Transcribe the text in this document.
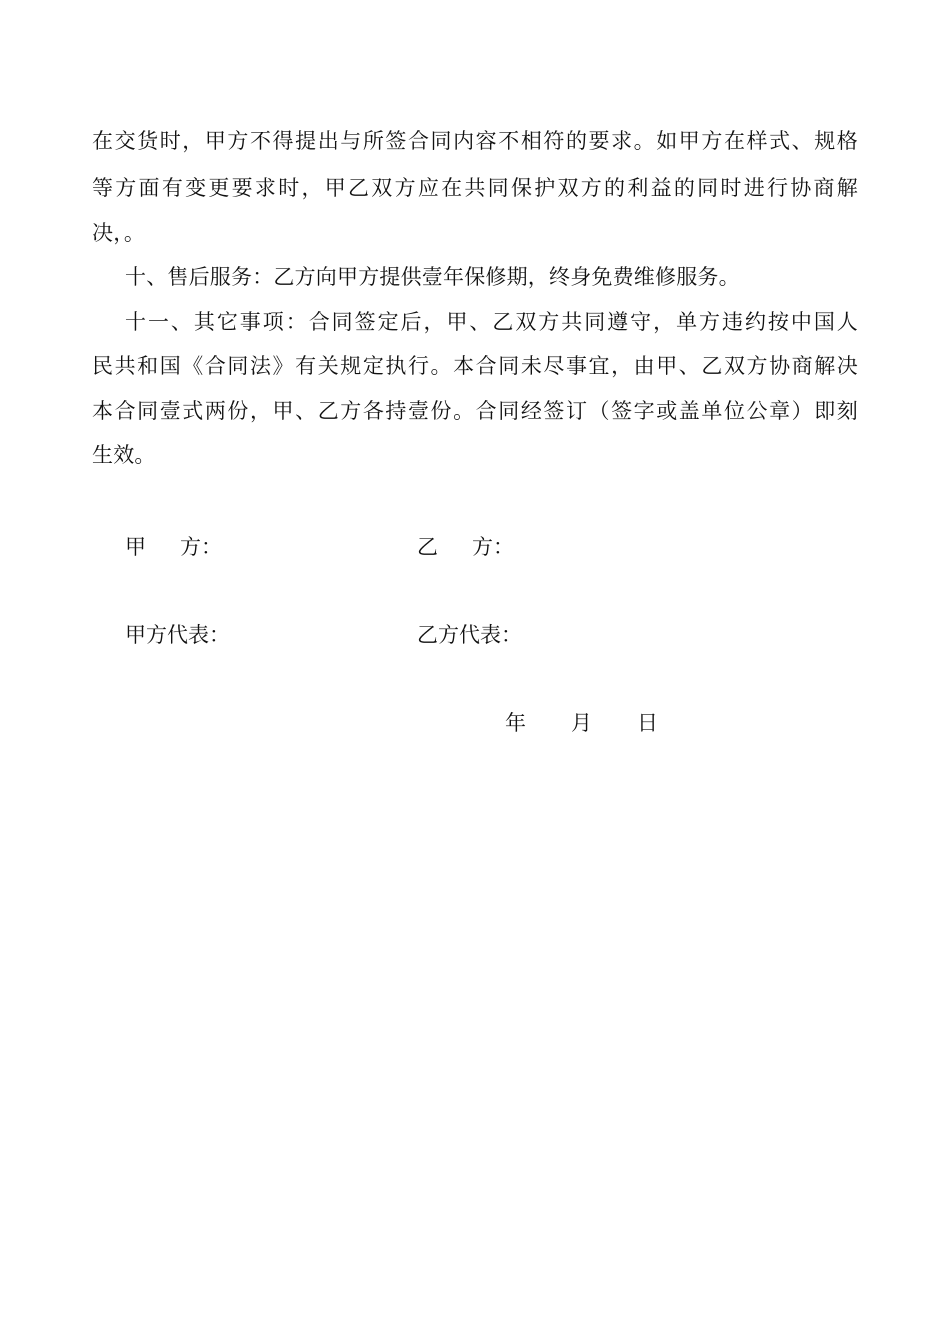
在交货时，甲方不得提出与所签合同内容不相符的要求。如甲方在样式、规格
等方面有变更要求时，甲乙双方应在共同保护双方的利益的同时进行协商解
决，。
十、售后服务：乙方向甲方提供壹年保修期，终身免费维修服务。
十一、其它事项：合同签定后，甲、乙双方共同遵守，单方违约按中国人
民共和国《合同法》有关规定执行。本合同未尽事宜，由甲、乙双方协商解决
本合同壹式两份，甲、乙方各持壹份。合同经签订（签字或盖单位公章）即刻
生效。
甲 方：	乙 方：
甲方代表：	乙方代表：
年 月 日
